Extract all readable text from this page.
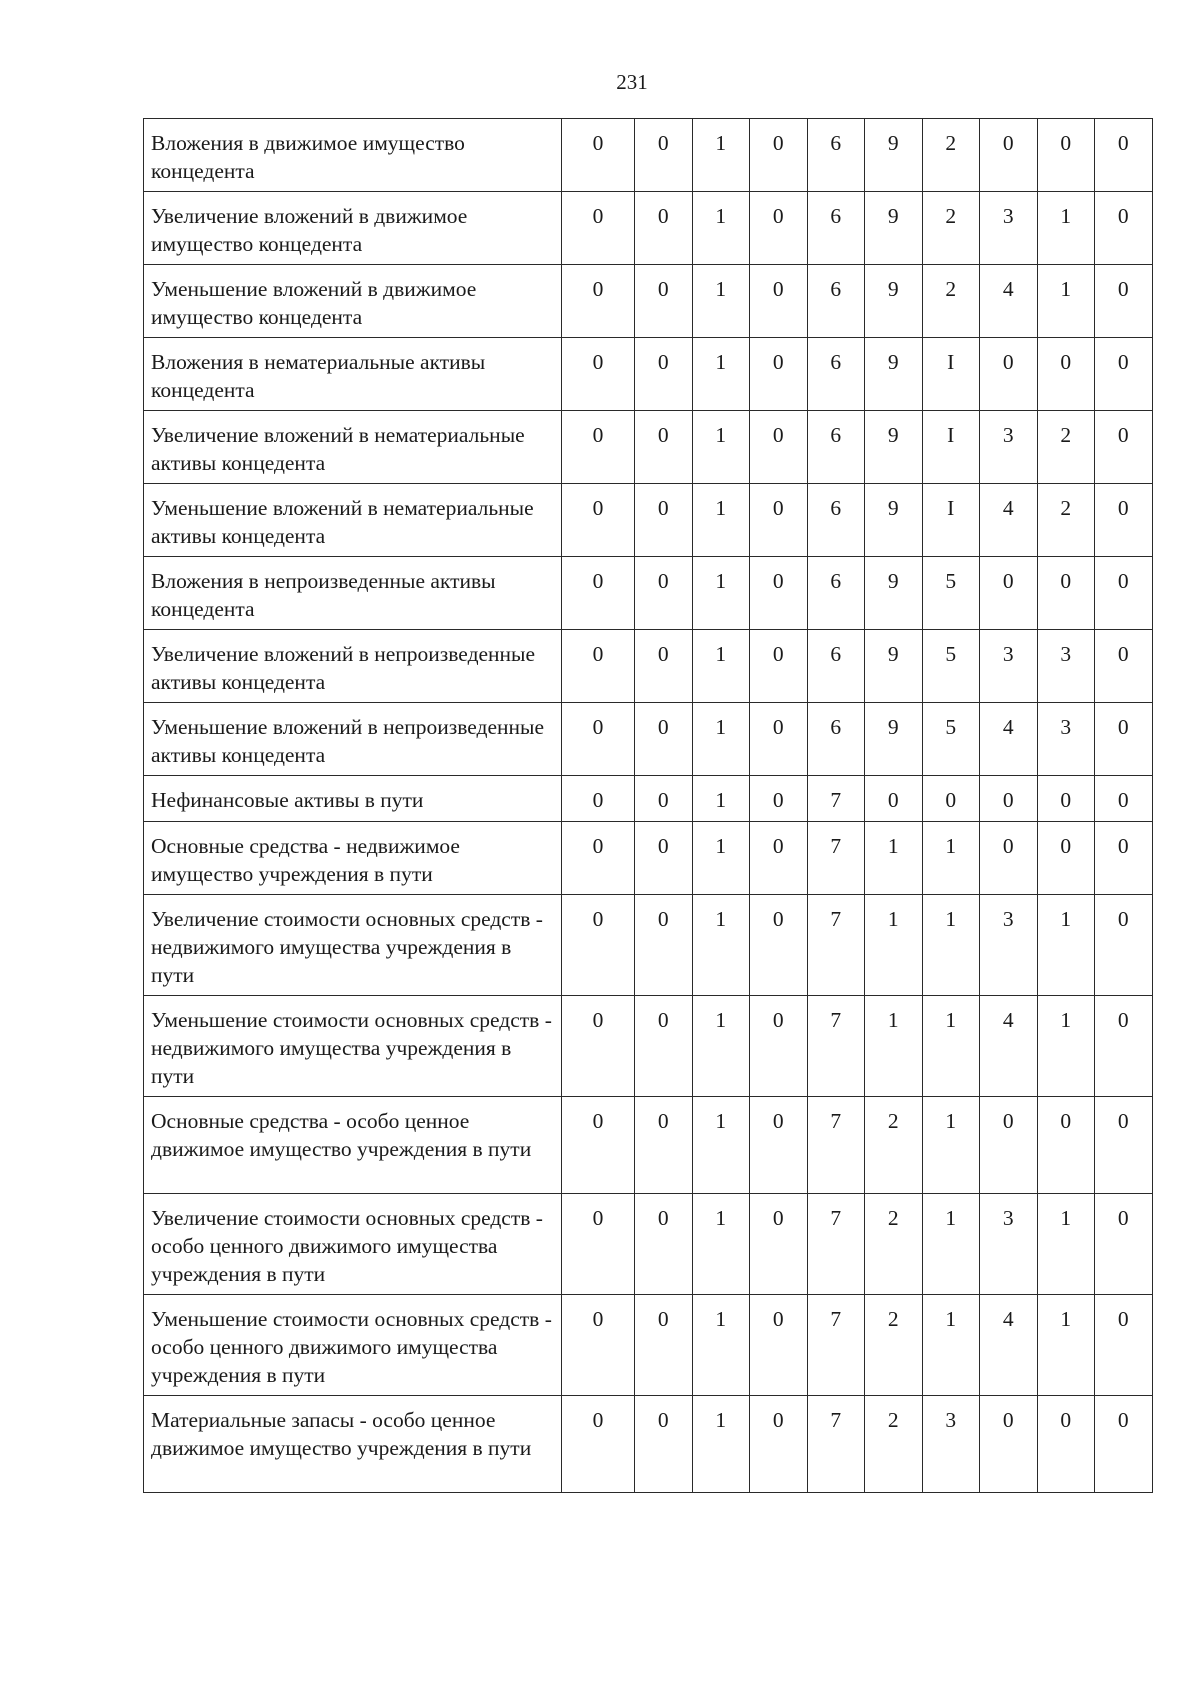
231
Вложения в движимое имущество концедента	0	0	1	0	6	9	2	0	0	0
Увеличение вложений в движимое имущество концедента	0	0	1	0	6	9	2	3	1	0
Уменьшение вложений в движимое имущество концедента	0	0	1	0	6	9	2	4	1	0
Вложения в нематериальные активы концедента	0	0	1	0	6	9	I	0	0	0
Увеличение вложений в нематериальные активы концедента	0	0	1	0	6	9	I	3	2	0
Уменьшение вложений в нематериальные активы концедента	0	0	1	0	6	9	I	4	2	0
Вложения в непроизведенные активы концедента	0	0	1	0	6	9	5	0	0	0
Увеличение вложений в непроизведенные активы концедента	0	0	1	0	6	9	5	3	3	0
Уменьшение вложений в непроизведенные активы концедента	0	0	1	0	6	9	5	4	3	0
Нефинансовые активы в пути	0	0	1	0	7	0	0	0	0	0
Основные средства - недвижимое имущество учреждения в пути	0	0	1	0	7	1	1	0	0	0
Увеличение стоимости основных средств - недвижимого имущества учреждения в пути	0	0	1	0	7	1	1	3	1	0
Уменьшение стоимости основных средств - недвижимого имущества учреждения в пути	0	0	1	0	7	1	1	4	1	0
Основные средства - особо ценное движимое имущество учреждения в пути	0	0	1	0	7	2	1	0	0	0
Увеличение стоимости основных средств - особо ценного движимого имущества учреждения в пути	0	0	1	0	7	2	1	3	1	0
Уменьшение стоимости основных средств - особо ценного движимого имущества учреждения в пути	0	0	1	0	7	2	1	4	1	0
Материальные запасы - особо ценное движимое имущество учреждения в пути	0	0	1	0	7	2	3	0	0	0
